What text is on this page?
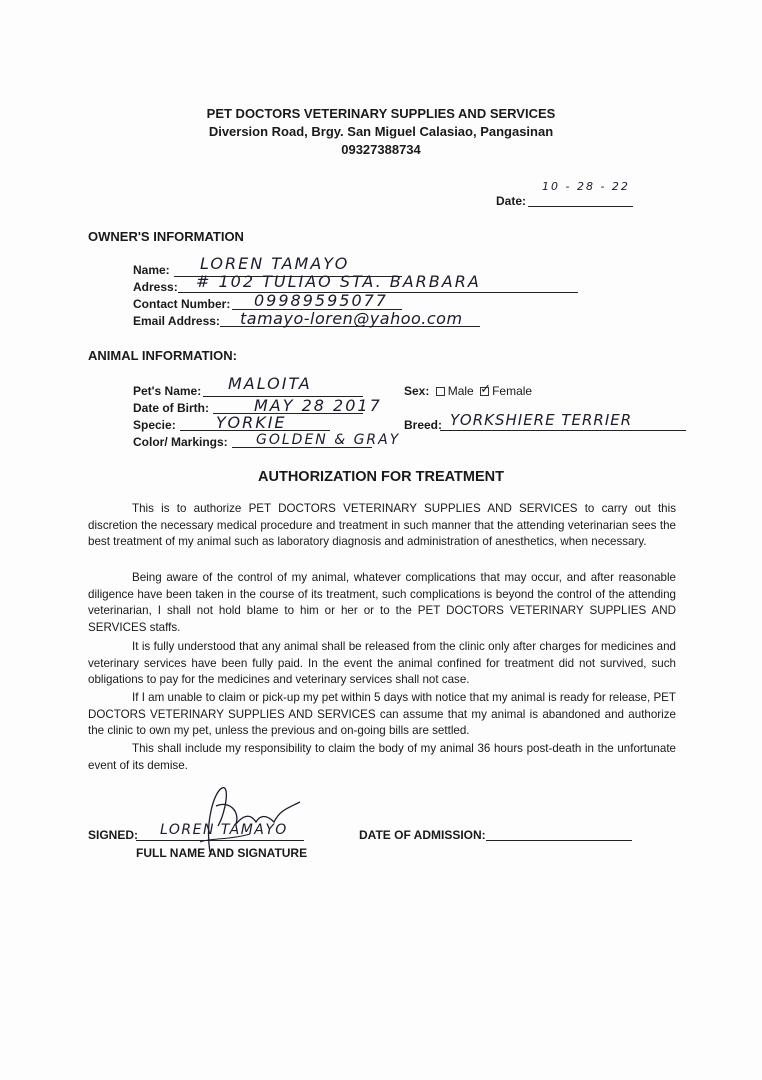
PET DOCTORS VETERINARY SUPPLIES AND SERVICES
Diversion Road, Brgy. San Miguel Calasiao, Pangasinan
09327388734
Date:
10 - 28 - 22
OWNER'S INFORMATION
Name: LOREN TAMAYO
Adress: # 102 TULIAO STA. BARBARA
Contact Number: 09989595077
Email Address: tamayo-loren@yahoo.com
ANIMAL INFORMATION:
Pet's Name: MALOITA
Date of Birth:	MAY 28 2017
Specie:	YORKIE
Color/ Markings: GOLDEN & GRAY
Sex: Male ✓ Female
Breed: YORKSHIERE TERRIER
AUTHORIZATION FOR TREATMENT

This is to authorize PET DOCTORS VETERINARY SUPPLIES AND SERVICES to carry out this discretion the necessary medical procedure and treatment in such manner that the attending veterinarian sees the best treatment of my animal such as laboratory diagnosis and administration of anesthetics, when necessary.

Being aware of the control of my animal, whatever complications that may occur, and after reasonable diligence have been taken in the course of its treatment, such complications is beyond the control of the attending veterinarian, I shall not hold blame to him or her or to the PET DOCTORS VETERINARY SUPPLIES AND SERVICES staffs.

It is fully understood that any animal shall be released from the clinic only after charges for medicines and veterinary services have been fully paid. In the event the animal confined for treatment did not survived, such obligations to pay for the medicines and veterinary services shall not case.

If I am unable to claim or pick-up my pet within 5 days with notice that my animal is ready for release, PET DOCTORS VETERINARY SUPPLIES AND SERVICES can assume that my animal is abandoned and authorize the clinic to own my pet, unless the previous and on-going bills are settled.

This shall include my responsibility to claim the body of my animal 36 hours post-death in the unfortunate event of its demise.

SIGNED: LOREN TAMAYO
FULL NAME AND SIGNATURE
DATE OF ADMISSION:
